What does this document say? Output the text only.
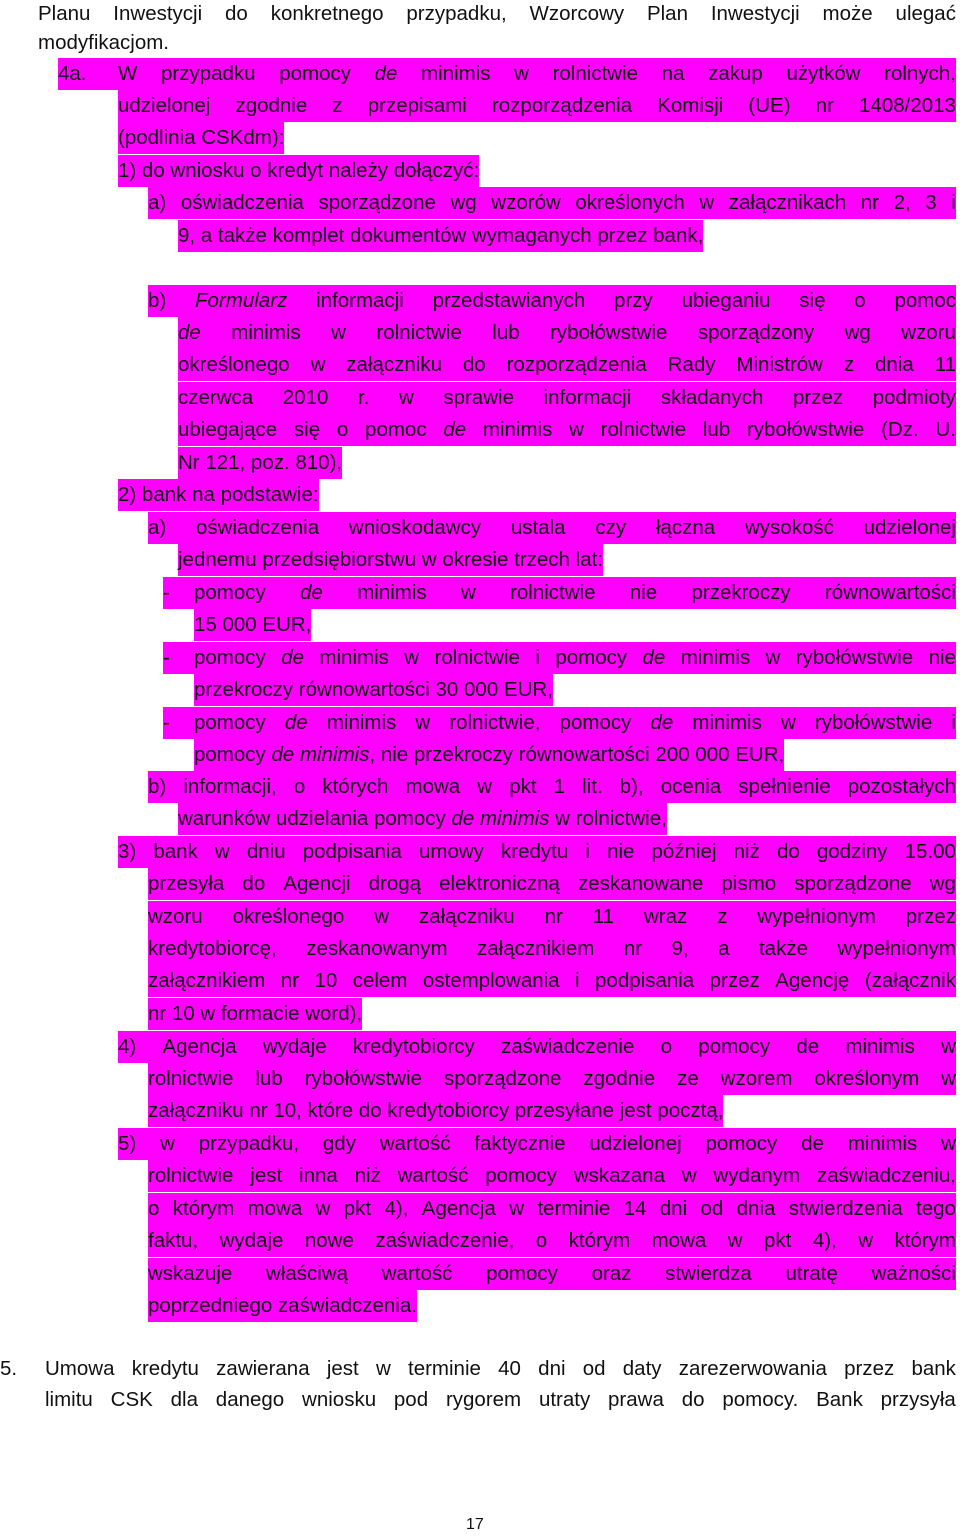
Planu Inwestycji do konkretnego przypadku, Wzorcowy Plan Inwestycji może ulegać
modyfikacjom.
4a. W przypadku pomocy de minimis w rolnictwie na zakup użytków rolnych,
udzielonej zgodnie z przepisami rozporządzenia Komisji (UE) nr 1408/2013
(podlinia CSKdm):
1) do wniosku o kredyt należy dołączyć:
a) oświadczenia sporządzone wg wzorów określonych w załącznikach nr 2, 3 i
9, a także komplet dokumentów wymaganych przez bank,
b) Formularz informacji przedstawianych przy ubieganiu się o pomoc
de minimis w rolnictwie lub rybołówstwie sporządzony wg wzoru
określonego w załączniku do rozporządzenia Rady Ministrów z dnia 11
czerwca 2010 r. w sprawie informacji składanych przez podmioty
ubiegające się o pomoc de minimis w rolnictwie lub rybołówstwie (Dz. U.
Nr 121, poz. 810),
2) bank na podstawie:
a) oświadczenia wnioskodawcy ustala czy łączna wysokość udzielonej
jednemu przedsiębiorstwu w okresie trzech lat:
- pomocy de minimis w rolnictwie nie przekroczy równowartości
15 000 EUR,
- pomocy de minimis w rolnictwie i pomocy de minimis w rybołówstwie nie
przekroczy równowartości 30 000 EUR,
- pomocy de minimis w rolnictwie, pomocy de minimis w rybołówstwie i
pomocy de minimis, nie przekroczy równowartości 200 000 EUR,
b) informacji, o których mowa w pkt 1 lit. b), ocenia spełnienie pozostałych
warunków udzielania pomocy de minimis w rolnictwie,
3) bank w dniu podpisania umowy kredytu i nie później niż do godziny 15.00
przesyła do Agencji drogą elektroniczną zeskanowane pismo sporządzone wg
wzoru określonego w załączniku nr 11 wraz z wypełnionym przez
kredytobiorcę, zeskanowanym załącznikiem nr 9, a także wypełnionym
załącznikiem nr 10 celem ostemplowania i podpisania przez Agencję (załącznik
nr 10 w formacie word),
4) Agencja wydaje kredytobiorcy zaświadczenie o pomocy de minimis w
rolnictwie lub rybołówstwie sporządzone zgodnie ze wzorem określonym w
załączniku nr 10, które do kredytobiorcy przesyłane jest pocztą,
5) w przypadku, gdy wartość faktycznie udzielonej pomocy de minimis w
rolnictwie jest inna niż wartość pomocy wskazana w wydanym zaświadczeniu,
o którym mowa w pkt 4), Agencja w terminie 14 dni od dnia stwierdzenia tego
faktu, wydaje nowe zaświadczenie, o którym mowa w pkt 4), w którym
wskazuje właściwą wartość pomocy oraz stwierdza utratę ważności
poprzedniego zaświadczenia.
5. Umowa kredytu zawierana jest w terminie 40 dni od daty zarezerwowania przez bank
limitu CSK dla danego wniosku pod rygorem utraty prawa do pomocy. Bank przysyła
17
